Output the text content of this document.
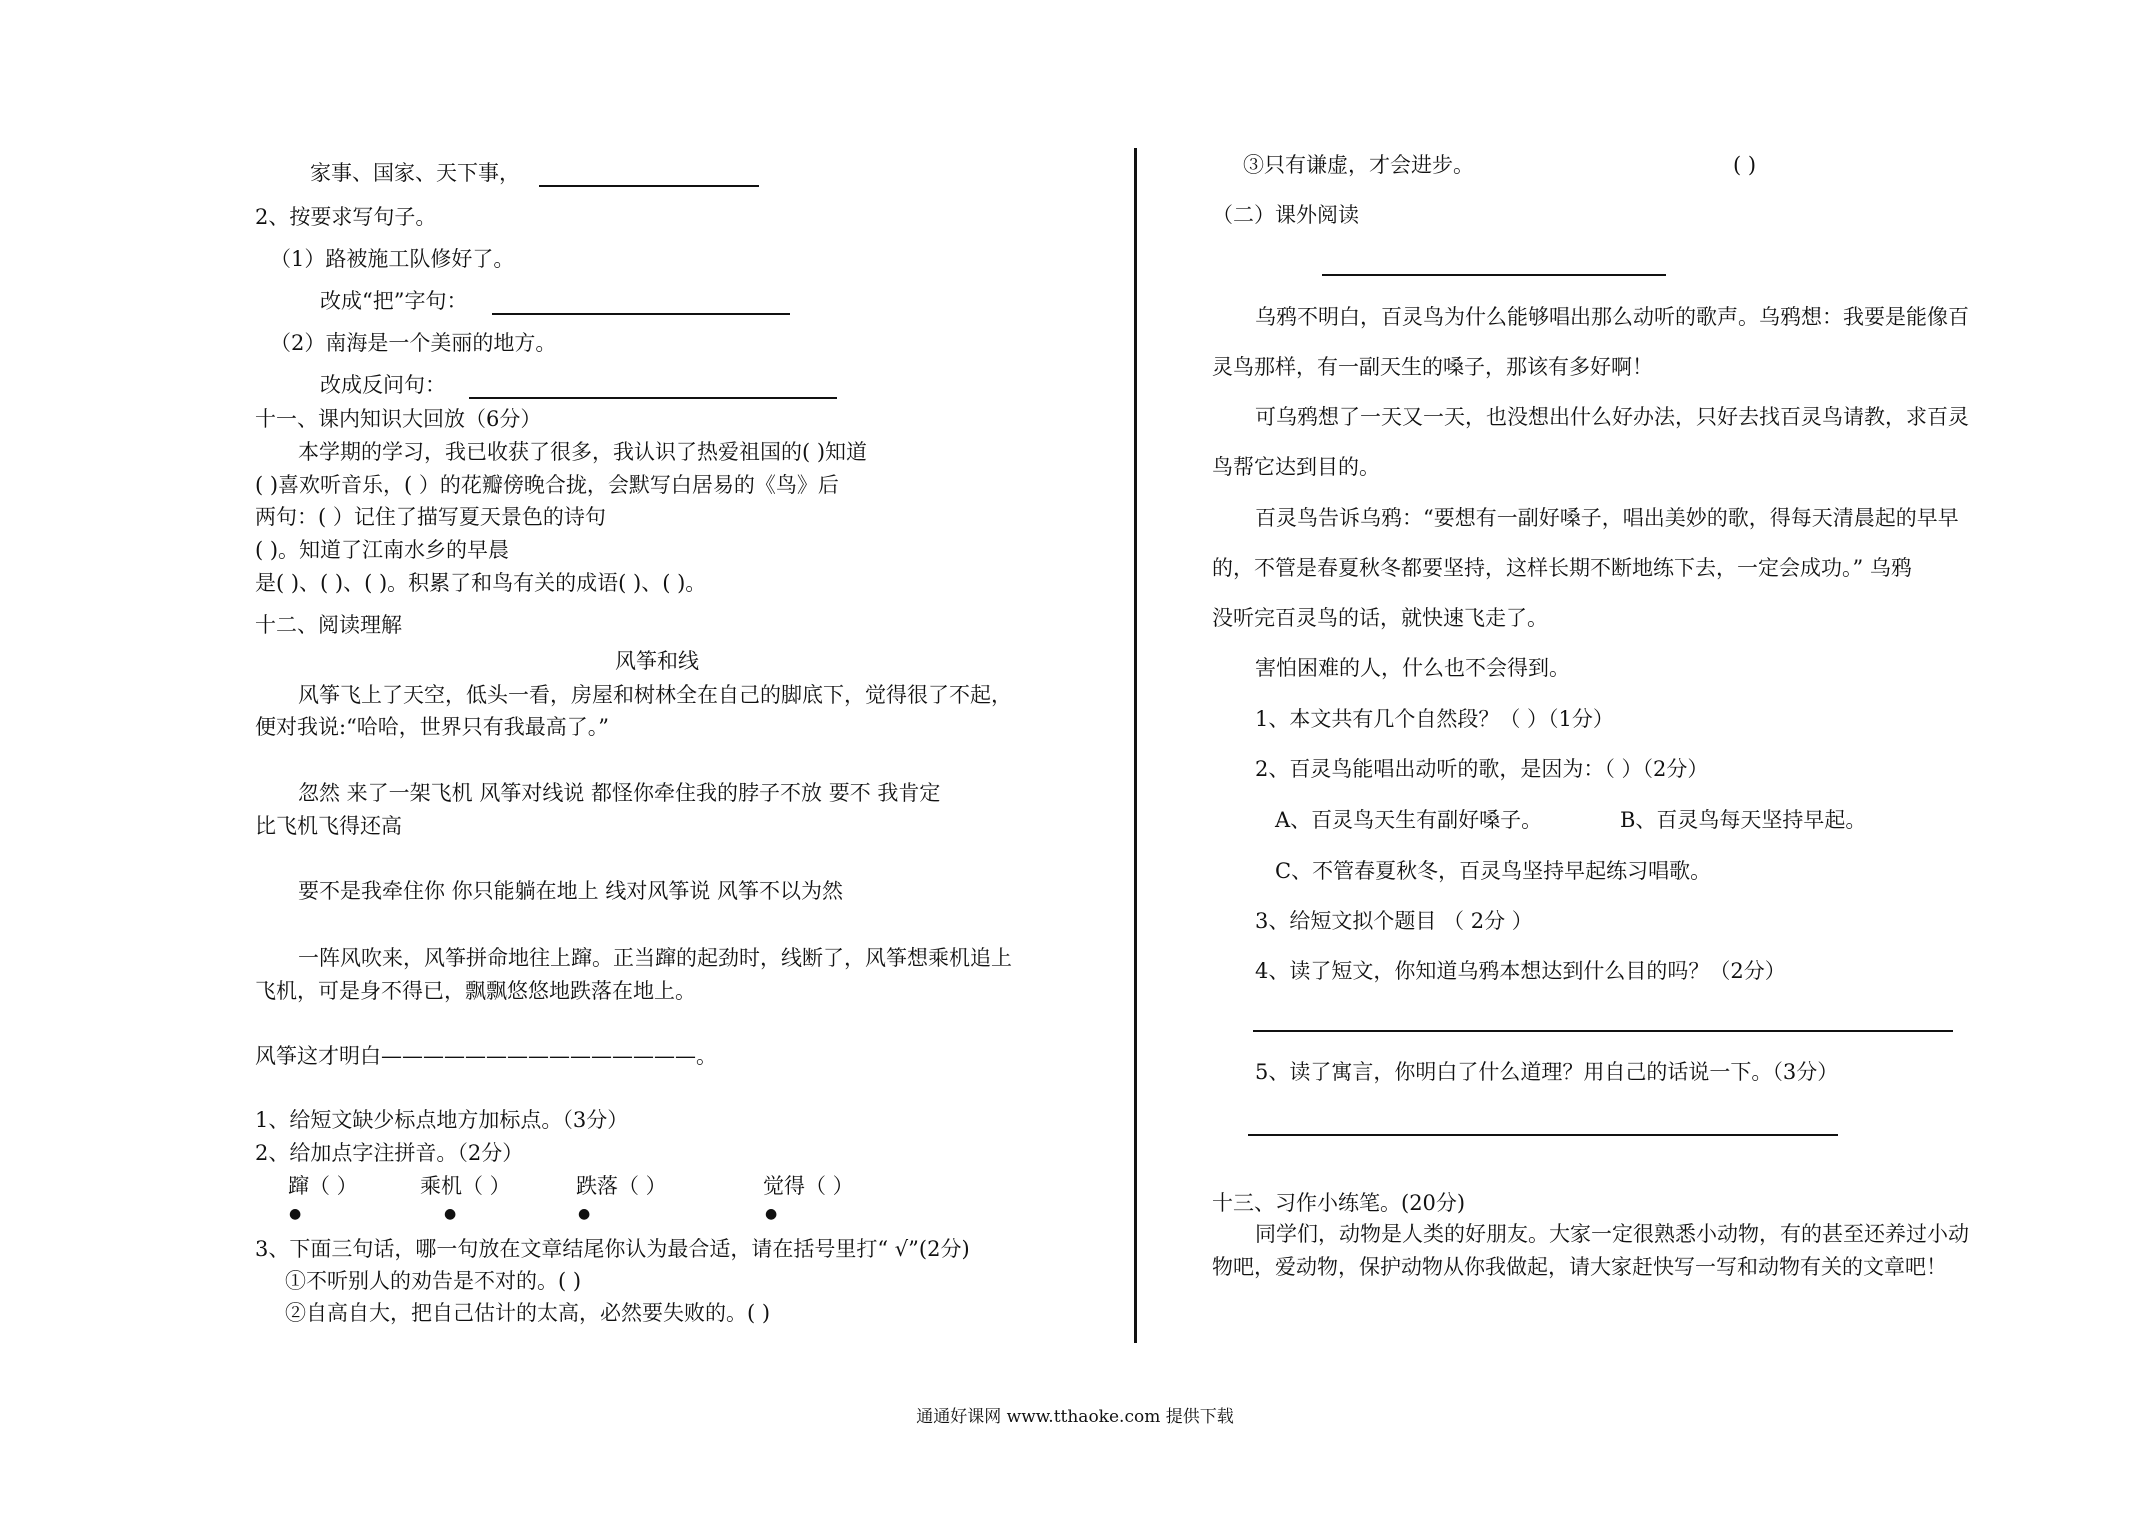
家事、国家、天下事，
2、按要求写句子。
（1）路被施工队修好了。
改成“把”字句：
（2）南海是一个美丽的地方。
改成反问句：
十一、课内知识大回放（6分）
本学期的学习，我已收获了很多，我认识了热爱祖国的( )知道
( )喜欢听音乐，( ）的花瓣傍晚合拢，会默写白居易的《鸟》后
两句：( ）记住了描写夏天景色的诗句
( )。知道了江南水乡的早晨
是( )、( )、( )。积累了和鸟有关的成语( )、( )。
十二、阅读理解
风筝和线
风筝飞上了天空，低头一看，房屋和树林全在自己的脚底下，觉得很了不起，
便对我说:“哈哈，世界只有我最高了。”
忽然 来了一架飞机 风筝对线说 都怪你牵住我的脖子不放 要不 我肯定
比飞机飞得还高
要不是我牵住你 你只能躺在地上 线对风筝说 风筝不以为然
一阵风吹来，风筝拼命地往上蹿。正当蹿的起劲时，线断了，风筝想乘机追上
飞机，可是身不得已，飘飘悠悠地跌落在地上。
风筝这才明白———————————————。
1、给短文缺少标点地方加标点。（3分）
2、给加点字注拼音。（2分）
蹿（ ）	乘机（ ）	跌落（ ）	觉得（ ）
●	●	●	●
3、下面三句话，哪一句放在文章结尾你认为最合适，请在括号里打“ √”(2分)
①不听别人的劝告是不对的。( )
②自高自大，把自己估计的太高，必然要失败的。( )
③只有谦虚，才会进步。	( )
（二）课外阅读
乌鸦不明白，百灵鸟为什么能够唱出那么动听的歌声。乌鸦想：我要是能像百
灵鸟那样，有一副天生的嗓子，那该有多好啊！
可乌鸦想了一天又一天，也没想出什么好办法，只好去找百灵鸟请教，求百灵
鸟帮它达到目的。
百灵鸟告诉乌鸦：“要想有一副好嗓子，唱出美妙的歌，得每天清晨起的早早
的，不管是春夏秋冬都要坚持，这样长期不断地练下去，一定会成功。” 乌鸦
没听完百灵鸟的话，就快速飞走了。
害怕困难的人，什么也不会得到。
1、本文共有几个自然段？（ ）（1分）
2、百灵鸟能唱出动听的歌，是因为：（ ）（2分）
A、百灵鸟天生有副好嗓子。	B、百灵鸟每天坚持早起。
C、不管春夏秋冬，百灵鸟坚持早起练习唱歌。
3、给短文拟个题目 （ 2分 ）
4、读了短文，你知道乌鸦本想达到什么目的吗？（2分）
5、读了寓言，你明白了什么道理？用自己的话说一下。（3分）
十三、习作小练笔。(20分)
同学们，动物是人类的好朋友。大家一定很熟悉小动物，有的甚至还养过小动
物吧，爱动物，保护动物从你我做起，请大家赶快写一写和动物有关的文章吧！
通通好课网 www.tthaoke.com 提供下载
